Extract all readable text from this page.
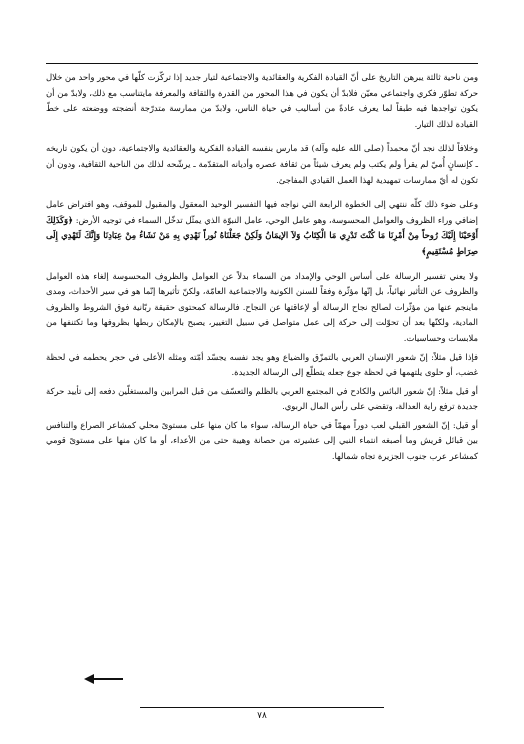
ومن ناحية ثالثة يبرهن التاريخ على أنّ القيادة الفكرية والعقائدية والاجتماعية لتيار جديد إذا تركّزت كلّها في محور واحد من خلال حركة تطوّر فكري واجتماعي معيّن فلابدّ أن يكون في هذا المحور من القدرة والثقافة والمعرفة مايتناسب مع ذلك، ولابدّ من أن يكون تواجدها فيه طبقاً لما يعرف عادةً من أساليب في حياة الناس، ولابدّ من ممارسة متدرّجة أنضجته ووضعته على خطّ القيادة لذلك التيار.

وخلافاً لذلك نجد أنّ محمداً (صلى الله عليه وآله) قد مارس بنفسه القيادة الفكرية والعقائدية والاجتماعية، دون أن يكون تاريخه ـ كإنسانٍ أُميّ لم يقرأ ولم يكتب ولم يعرف شيئاً من ثقافة عصره وأديانه المتقدّمة ـ يرشّحه لذلك من الناحية الثقافية، ودون أن تكون له أيّ ممارسات تمهيدية لهذا العمل القيادي المفاجئ.

وعلى ضوء ذلك كلّه ننتهي إلى الخطوة الرابعة التي نواجه فيها التفسير الوحيد المعقول والمقبول للموقف، وهو افتراض عامل إضافي وراء الظروف والعوامل المحسوسة، وهو عامل الوحي، عامل النبوّة الذي يمثّل تدخّل السماء في توجيه الأرض: ﴿وَكَذَلِكَ أَوْحَيْنَا إِلَيْكَ رُوحاً مِنْ أَمْرِنَا مَا كُنْتَ تَدْرِي مَا الْكِتَابُ وَلاَ الإيمَانُ وَلَكِنْ جَعَلْنَاهُ نُوراً نَهْدِي بِهِ مَنْ نَشَاءُ مِنْ عِبَادِنَا وَإِنَّكَ لَتَهْدِي إِلَى صِرَاطٍ مُسْتَقِيمٍ﴾

ولا يعني تفسير الرسالة على أساس الوحي والإمداد من السماء بدلاً عن العوامل والظروف المحسوسة إلغاء هذه العوامل والظروف عن التأثير نهائياً، بل إنّها مؤثّرة وفقاً للسنن الكونية والاجتماعية العامّة، ولكنّ تأثيرها إنّما هو في سير الأحداث، ومدى ماينجم عنها من مؤثّرات لصالح نجاح الرسالة أو لإعاقتها عن النجاح. فالرسالة كمحتوى حقيقة ربّانية فوق الشروط والظروف المادية، ولكنّها بعد أن تحوّلت إلى حركة إلى عمل متواصل في سبيل التغيير، يصبح بالإمكان ربطها بظروفها وما تكتنفها من ملابسات وحساسيات.

فإذا قيل مثلاً: إنّ شعور الإنسان العربي بالتمزّق والضياع وهو يجد نفسه يجسّد أمّته ومثله الأعلى في حجر يحطمه في لحظة غضب، أو حلوى يلتهمها في لحظة جوع جعله يتطلّع إلى الرسالة الجديدة.

أو قيل مثلاً: إنّ شعور البائس والكادح في المجتمع العربي بالظلم والتعسّف من قبل المرابين والمستغلّين دفعه إلى تأييد حركة جديدة ترفع راية العدالة، وتقضي على رأس المال الربوي.

أو قيل: إنّ الشعور القبلي لعب دوراً مهمّاً في حياة الرسالة، سواء ما كان منها على مستوىً محلي كمشاعر الصراع والتنافس بين قبائل قريش وما أصبغه انتماء النبي إلى عشيرته من حصانة وهيبة حتى من الأعداء، أو ما كان منها على مستوىً قومي كمشاعر عرب جنوب الجزيرة تجاه شمالها.

٧٨
